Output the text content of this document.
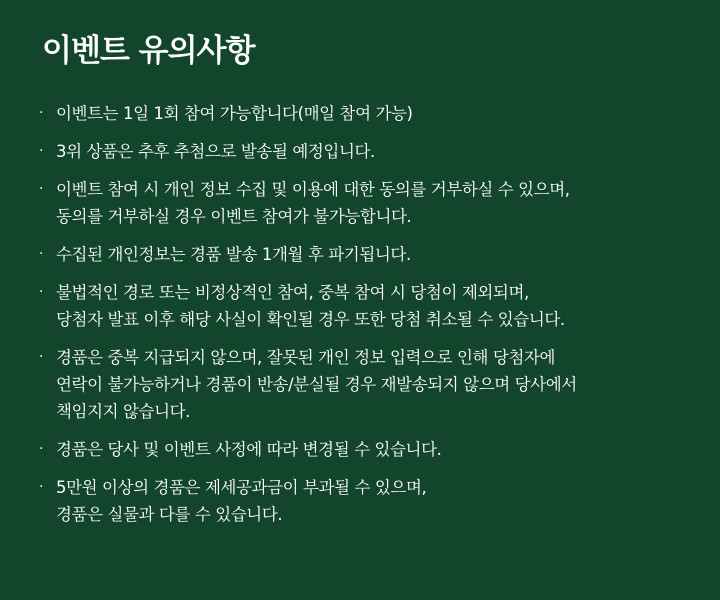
이벤트 유의사항
· 이벤트는 1일 1회 참여 가능합니다(매일 참여 가능)
· 3위 상품은 추후 추첨으로 발송될 예정입니다.
· 이벤트 참여 시 개인 정보 수집 및 이용에 대한 동의를 거부하실 수 있으며,
동의를 거부하실 경우 이벤트 참여가 불가능합니다.
· 수집된 개인정보는 경품 발송 1개월 후 파기됩니다.
· 불법적인 경로 또는 비정상적인 참여, 중복 참여 시 당첨이 제외되며,
당첨자 발표 이후 해당 사실이 확인될 경우 또한 당첨 취소될 수 있습니다.
· 경품은 중복 지급되지 않으며, 잘못된 개인 정보 입력으로 인해 당첨자에
연락이 불가능하거나 경품이 반송/분실될 경우 재발송되지 않으며 당사에서
책임지지 않습니다.
· 경품은 당사 및 이벤트 사정에 따라 변경될 수 있습니다.
· 5만원 이상의 경품은 제세공과금이 부과될 수 있으며,
경품은 실물과 다를 수 있습니다.
